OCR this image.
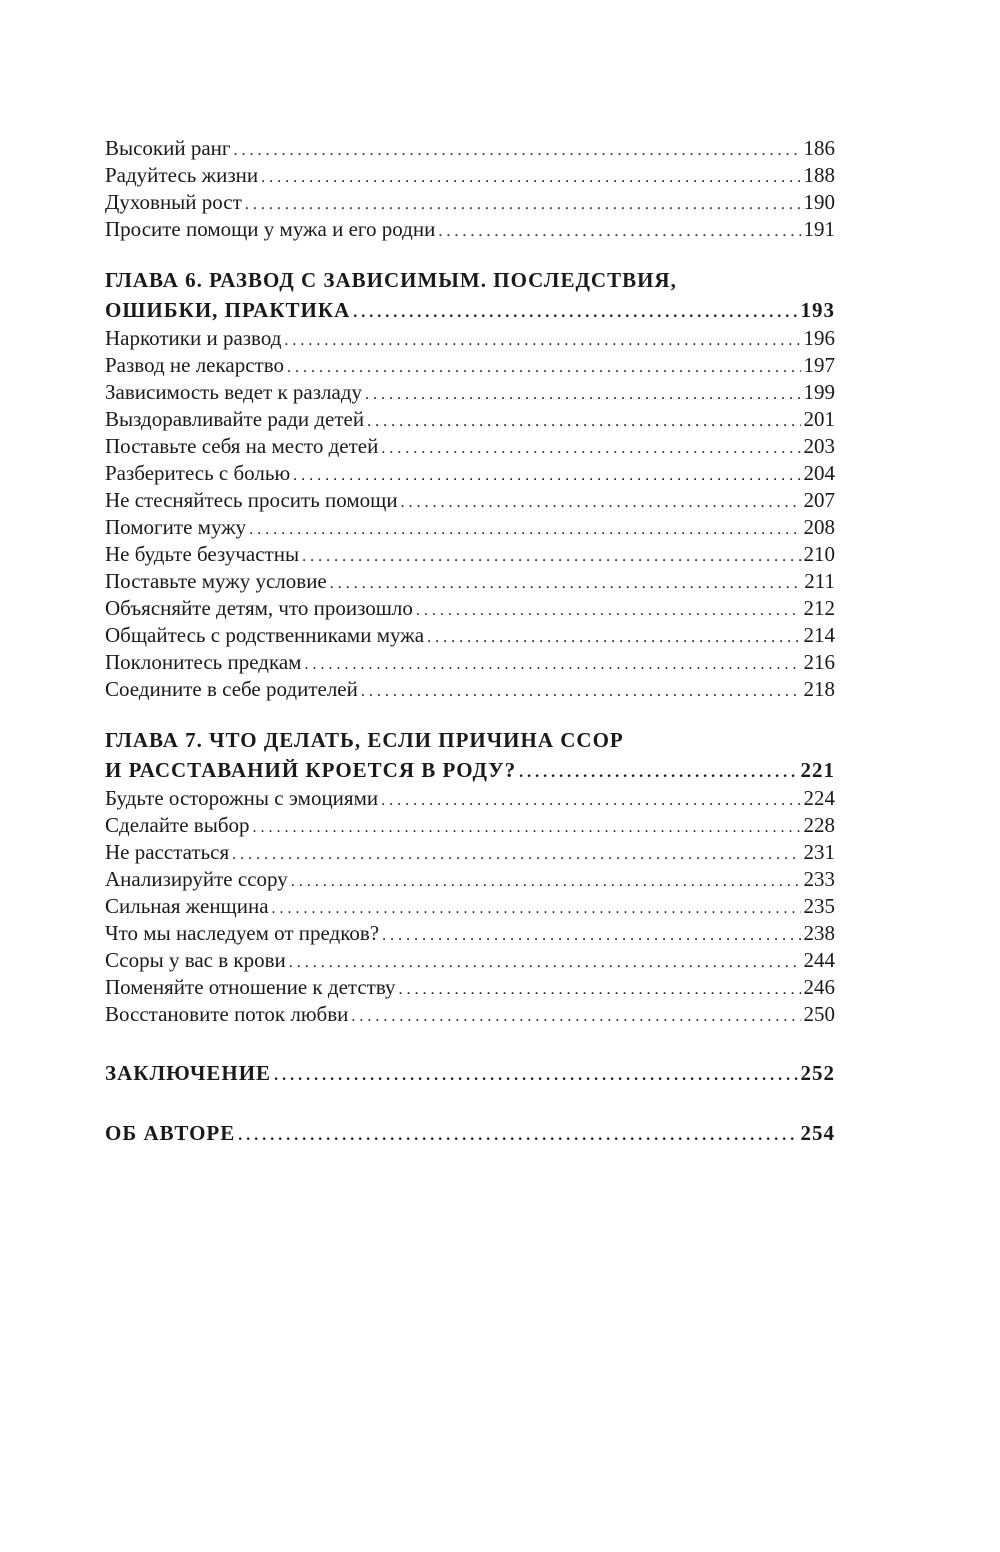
Высокий ранг . . .	186
Радуйтесь жизни . . .	188
Духовный рост . . .	190
Просите помощи у мужа и его родни . . .	191
ГЛАВА 6. РАЗВОД С ЗАВИСИМЫМ. ПОСЛЕДСТВИЯ,
ОШИБКИ, ПРАКТИКА . . .	193
Наркотики и развод . . .	196
Развод не лекарство . . .	197
Зависимость ведет к разладу . . .	199
Выздоравливайте ради детей . . .	201
Поставьте себя на место детей . . .	203
Разберитесь с болью . . .	204
Не стесняйтесь просить помощи . . .	207
Помогите мужу . . .	208
Не будьте безучастны . . .	210
Поставьте мужу условие . . .	211
Объясняйте детям, что произошло . . .	212
Общайтесь с родственниками мужа . . .	214
Поклонитесь предкам . . .	216
Соедините в себе родителей . . .	218
ГЛАВА 7. ЧТО ДЕЛАТЬ, ЕСЛИ ПРИЧИНА ССОР
И РАССТАВАНИЙ КРОЕТСЯ В РОДУ? . . .	221
Будьте осторожны с эмоциями . . .	224
Сделайте выбор . . .	228
Не расстаться . . .	231
Анализируйте ссору . . .	233
Сильная женщина . . .	235
Что мы наследуем от предков? . . .	238
Ссоры у вас в крови . . .	244
Поменяйте отношение к детству . . .	246
Восстановите поток любви . . .	250
ЗАКЛЮЧЕНИЕ . . .	252
ОБ АВТОРЕ . . .	254
